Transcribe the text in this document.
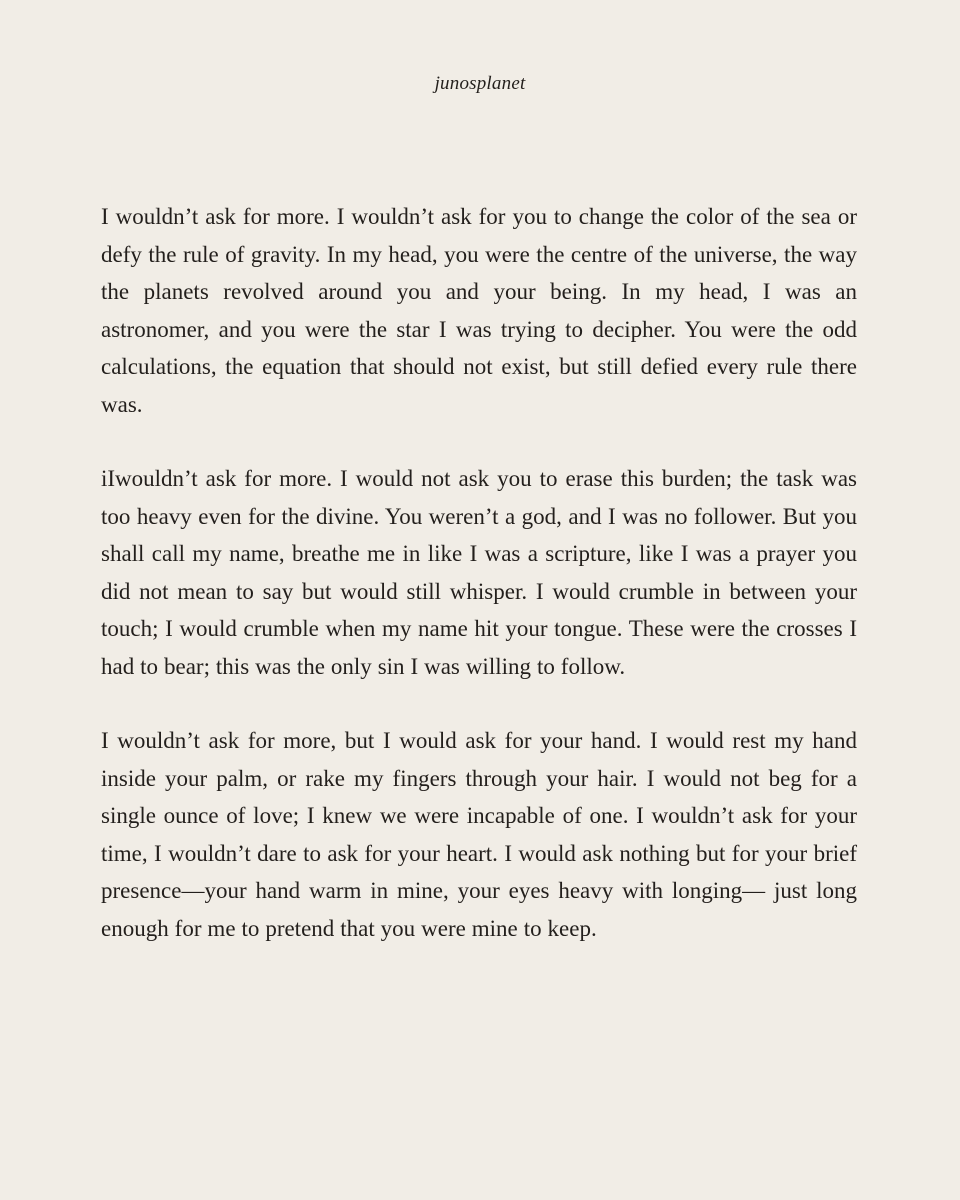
junosplanet

I wouldn’t ask for more. I wouldn’t ask for you to change the color of the sea or defy the rule of gravity. In my head, you were the centre of the universe, the way the planets revolved around you and your being. In my head, I was an astronomer, and you were the star I was trying to decipher. You were the odd calculations, the equation that should not exist, but still defied every rule there was.

iIwouldn’t ask for more. I would not ask you to erase this burden; the task was too heavy even for the divine. You weren’t a god, and I was no follower. But you shall call my name, breathe me in like I was a scripture, like I was a prayer you did not mean to say but would still whisper. I would crumble in between your touch; I would crumble when my name hit your tongue. These were the crosses I had to bear; this was the only sin I was willing to follow.

I wouldn’t ask for more, but I would ask for your hand. I would rest my hand inside your palm, or rake my fingers through your hair. I would not beg for a single ounce of love; I knew we were incapable of one. I wouldn’t ask for your time, I wouldn’t dare to ask for your heart. I would ask nothing but for your brief presence—your hand warm in mine, your eyes heavy with longing— just long enough for me to pretend that you were mine to keep.
